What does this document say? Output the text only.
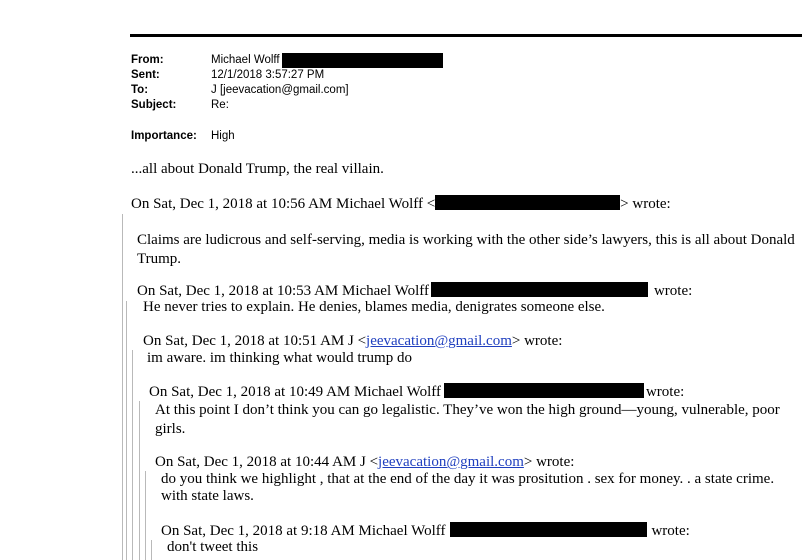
From:	Michael Wolff
Sent:	12/1/2018 3:57:27 PM
To:	J [jeevacation@gmail.com]
Subject:	Re:
Importance: High
...all about Donald Trump, the real villain.
On Sat, Dec 1, 2018 at 10:56 AM Michael Wolff <	> wrote:
Claims are ludicrous and self-serving, media is working with the other side’s lawyers, this is all about Donald Trump.
On Sat, Dec 1, 2018 at 10:53 AM Michael Wolff	wrote:
He never tries to explain. He denies, blames media, denigrates someone else.
On Sat, Dec 1, 2018 at 10:51 AM J <jeevacation@gmail.com> wrote:
im aware. im thinking what would trump do
On Sat, Dec 1, 2018 at 10:49 AM Michael Wolff	wrote:
At this point I don’t think you can go legalistic. They’ve won the high ground—young, vulnerable, poor girls.
On Sat, Dec 1, 2018 at 10:44 AM J <jeevacation@gmail.com> wrote:
do you think we highlight , that at the end of the day it was prositution . sex for money. . a state crime.
with state laws.
On Sat, Dec 1, 2018 at 9:18 AM Michael Wolff	wrote:
don't tweet this
